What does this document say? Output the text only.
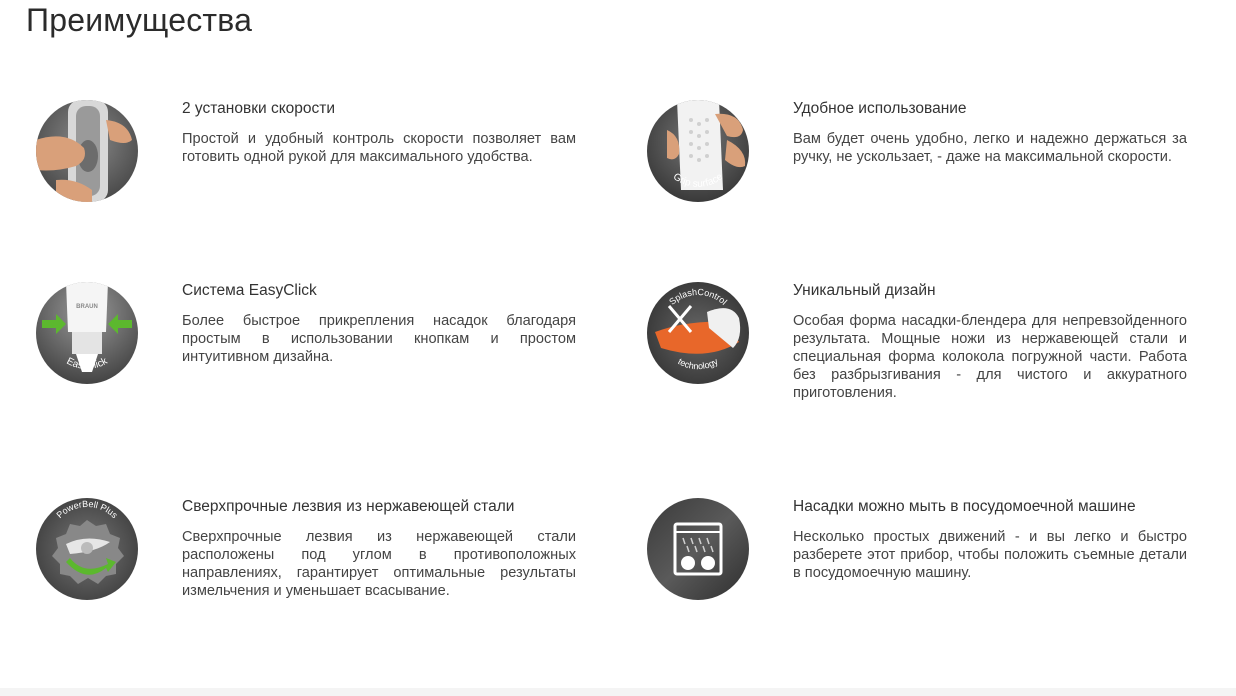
Преимущества
2 установки скорости

Простой и удобный контроль скорости позволяет вам готовить одной рукой для максимального удобства.

Grip surface
Удобное использование

Вам будет очень удобно, легко и надежно держаться за ручку, не ускользает, - даже на максимальной скорости.

BRAUN
EasyClick
Система EasyClick

Более быстрое прикрепления насадок благодаря простым в использовании кнопкам и простом интуитивном дизайна.

SplashControl
technology
Уникальный дизайн

Особая форма насадки-блендера для непревзойденного результата. Мощные ножи из нержавеющей стали и специальная форма колокола погружной части. Работа без разбрызгивания - для чистого и аккуратного приготовления.

PowerBell Plus	Сверхпрочные лезвия из нержавеющей стали

Сверхпрочные лезвия из нержавеющей стали расположены под углом в противоположных направлениях, гарантирует оптимальные результаты измельчения и уменьшает всасывание.

Насадки можно мыть в посудомоечной машине

Несколько простых движений - и вы легко и быстро разберете этот прибор, чтобы положить съемные детали в посудомоечную машину.
